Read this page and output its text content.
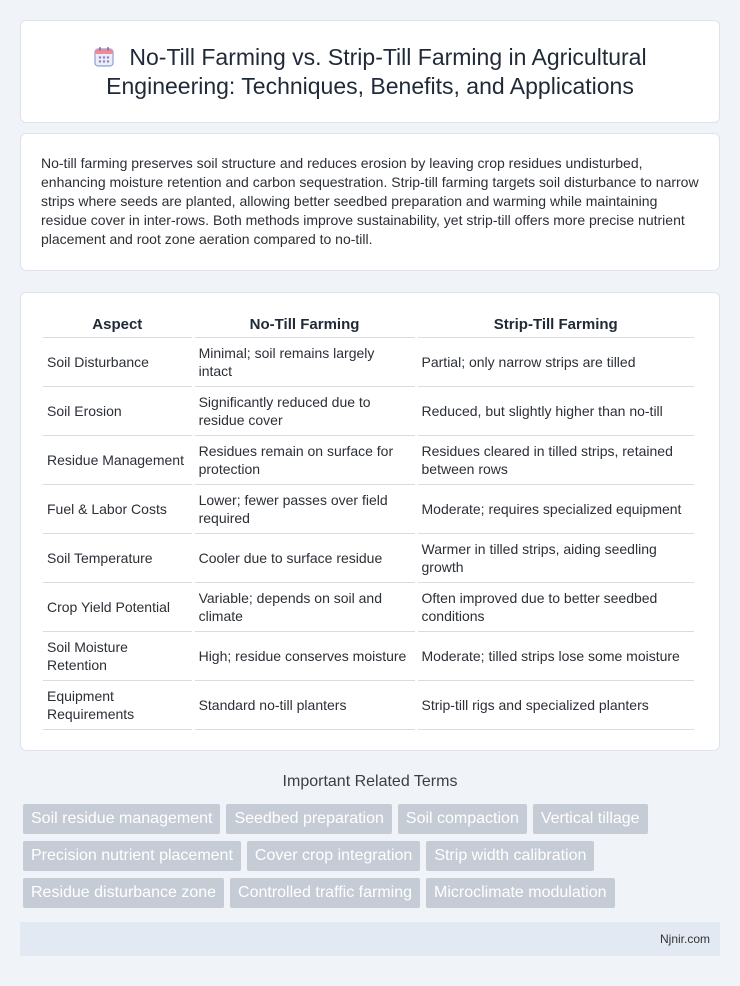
No-Till Farming vs. Strip-Till Farming in Agricultural Engineering: Techniques, Benefits, and Applications

No-till farming preserves soil structure and reduces erosion by leaving crop residues undisturbed, enhancing moisture retention and carbon sequestration. Strip-till farming targets soil disturbance to narrow strips where seeds are planted, allowing better seedbed preparation and warming while maintaining residue cover in inter-rows. Both methods improve sustainability, yet strip-till offers more precise nutrient placement and root zone aeration compared to no-till.

Aspect	No-Till Farming	Strip-Till Farming
Soil Disturbance	Minimal; soil remains largely intact	Partial; only narrow strips are tilled
Soil Erosion	Significantly reduced due to residue cover	Reduced, but slightly higher than no-till
Residue Management	Residues remain on surface for protection	Residues cleared in tilled strips, retained between rows
Fuel & Labor Costs	Lower; fewer passes over field required	Moderate; requires specialized equipment
Soil Temperature	Cooler due to surface residue	Warmer in tilled strips, aiding seedling growth
Crop Yield Potential	Variable; depends on soil and climate	Often improved due to better seedbed conditions
Soil Moisture Retention	High; residue conserves moisture	Moderate; tilled strips lose some moisture
Equipment Requirements	Standard no-till planters	Strip-till rigs and specialized planters
Important Related Terms
Soil residue management	Seedbed preparation	Soil compaction	Vertical tillage
Precision nutrient placement	Cover crop integration	Strip width calibration
Residue disturbance zone	Controlled traffic farming	Microclimate modulation
Njnir.com
